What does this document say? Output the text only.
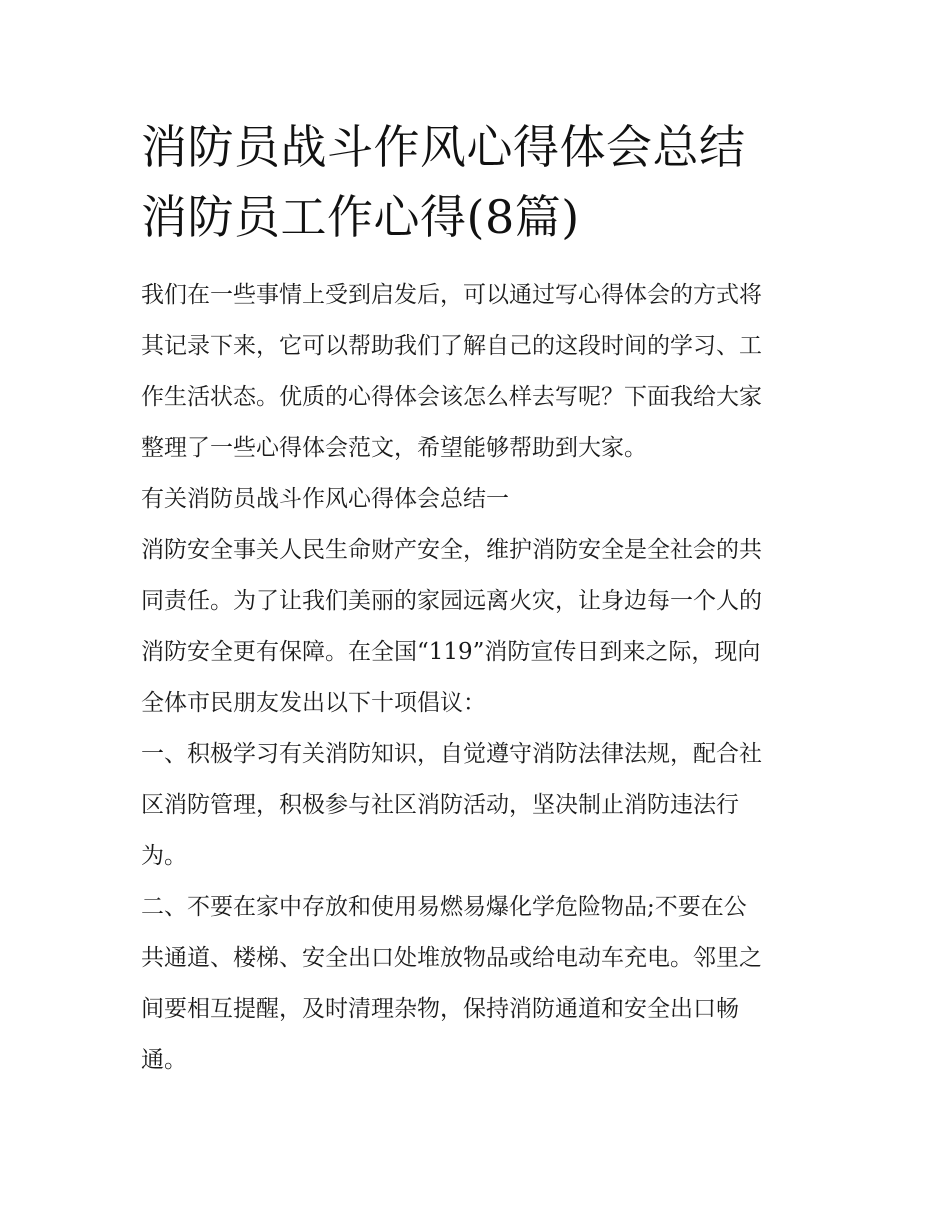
消防员战斗作风心得体会总结
消防员工作心得(8篇)

我们在一些事情上受到启发后，可以通过写心得体会的方式将
其记录下来，它可以帮助我们了解自己的这段时间的学习、工
作生活状态。优质的心得体会该怎么样去写呢？下面我给大家
整理了一些心得体会范文，希望能够帮助到大家。

有关消防员战斗作风心得体会总结一

消防安全事关人民生命财产安全，维护消防安全是全社会的共
同责任。为了让我们美丽的家园远离火灾，让身边每一个人的
消防安全更有保障。在全国“119”消防宣传日到来之际，现向
全体市民朋友发出以下十项倡议：

一、积极学习有关消防知识，自觉遵守消防法律法规，配合社
区消防管理，积极参与社区消防活动，坚决制止消防违法行
为。

二、不要在家中存放和使用易燃易爆化学危险物品;不要在公
共通道、楼梯、安全出口处堆放物品或给电动车充电。邻里之
间要相互提醒，及时清理杂物，保持消防通道和安全出口畅
通。
